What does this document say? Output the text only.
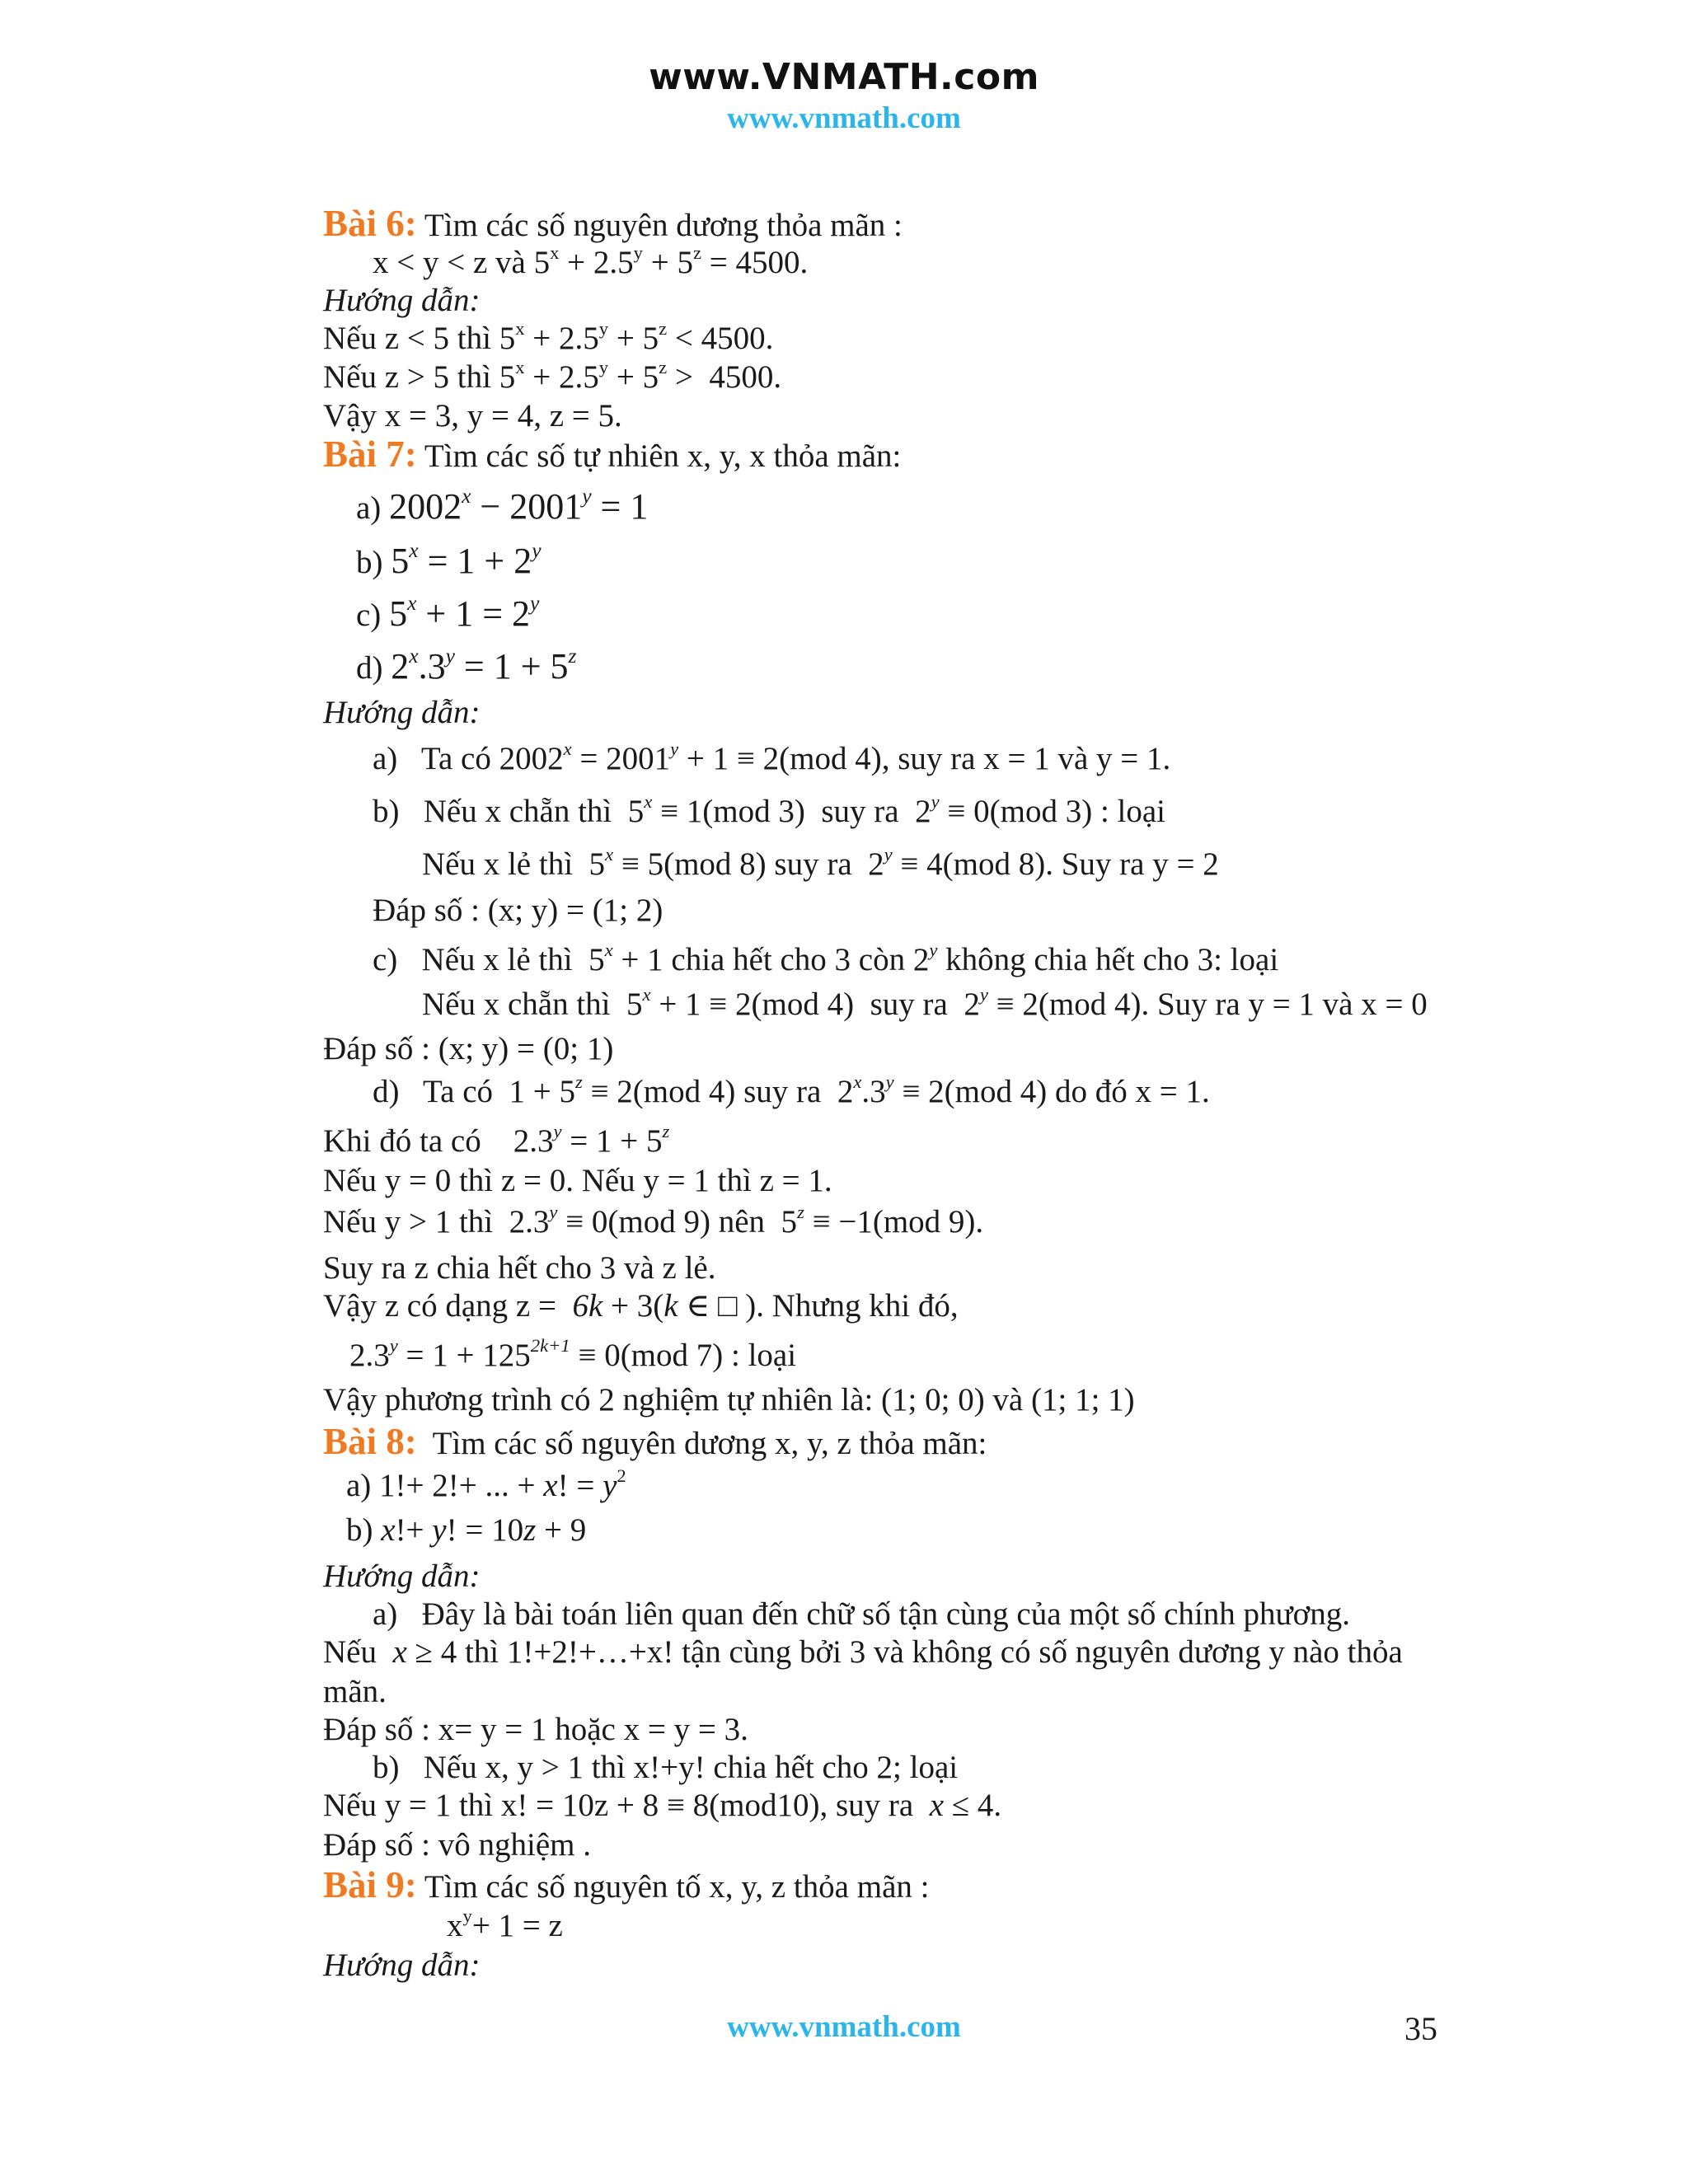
www.VNMATH.com
www.vnmath.com
Bài 6: Tìm các số nguyên dương thỏa mãn :
x < y < z và $5^x + 2.5^y + 5^z = 4500$.
Hướng dẫn:
Nếu z < 5 thì $5^x + 2.5^y + 5^z < 4500$.
Nếu z > 5 thì $5^x + 2.5^y + 5^z > 4500$.
Vậy x = 3, y = 4, z = 5.
Bài 7: Tìm các số tự nhiên x, y, x thỏa mãn:
a) $2002^x - 2001^y = 1$
b) $5^x = 1 + 2^y$
c) $5^x + 1 = 2^y$
d) $2^x.3^y = 1 + 5^z$
Hướng dẫn:
a)   Ta có $2002^x = 2001^y + 1 \equiv 2(mod$ 4), suy ra x = 1 và y = 1.
b)   Nếu x chẵn thì  $5^x \equiv 1(mod$ 3)  suy ra  $2^y \equiv 0(mod$ 3) : loại
Nếu x lẻ thì  $5^x \equiv 5(mod$ 8) suy ra  $2^y \equiv 4(mod$ 8). Suy ra y = 2
Đáp số : (x; y) = (1; 2)
c)   Nếu x lẻ thì  $5^x + 1$ chia hết cho 3 còn 2$^y$ không chia hết cho 3: loại
Nếu x chẵn thì  $5^x + 1 \equiv 2(mod$ 4)  suy ra  $2^y \equiv 2(mod$ 4). Suy ra y = 1 và x = 0
Đáp số : (x; y) = (0; 1)
d)   Ta có  $1 + 5^z \equiv 2(mod$ 4) suy ra  $2^x.3^y \equiv 2(mod$ 4) do đó x = 1.
Khi đó ta có    $2.3^y = 1 + 5^z$
Nếu y = 0 thì z = 0. Nếu y = 1 thì z = 1.
Nếu y > 1 thì  $2.3^y \equiv 0(mod$ 9) nên  $5^z \equiv -1(mod$ 9).
Suy ra z chia hết cho 3 và z lẻ.
Vậy z có dạng z = 6k + 3(k ∈ □ ). Nhưng khi đó,
$2.3^y = 1 + 125^{2k+1} \equiv 0(mod$ 7) : loại
Vậy phương trình có 2 nghiệm tự nhiên là: (1; 0; 0) và (1; 1; 1)
Bài 8: Tìm các số nguyên dương x, y, z thỏa mãn:
a) 1!+ 2!+ ... + x! = $y^2$
b) x!+ y! = 10z + 9
Hướng dẫn:
a)   Đây là bài toán liên quan đến chữ số tận cùng của một số chính phương.
Nếu  x ≥ 4 thì 1!+2!+…+x! tận cùng bởi 3 và không có số nguyên dương y nào thỏa
mãn.
Đáp số : x= y = 1 hoặc x = y = 3.
b)   Nếu x, y > 1 thì x!+y! chia hết cho 2; loại
Nếu y = 1 thì x! = 10z + 8 ≡ 8(mod10), suy ra  x ≤ 4.
Đáp số : vô nghiệm .
Bài 9: Tìm các số nguyên tố x, y, z thỏa mãn :
$x^y+ 1 = z$
Hướng dẫn:
www.vnmath.com	35
